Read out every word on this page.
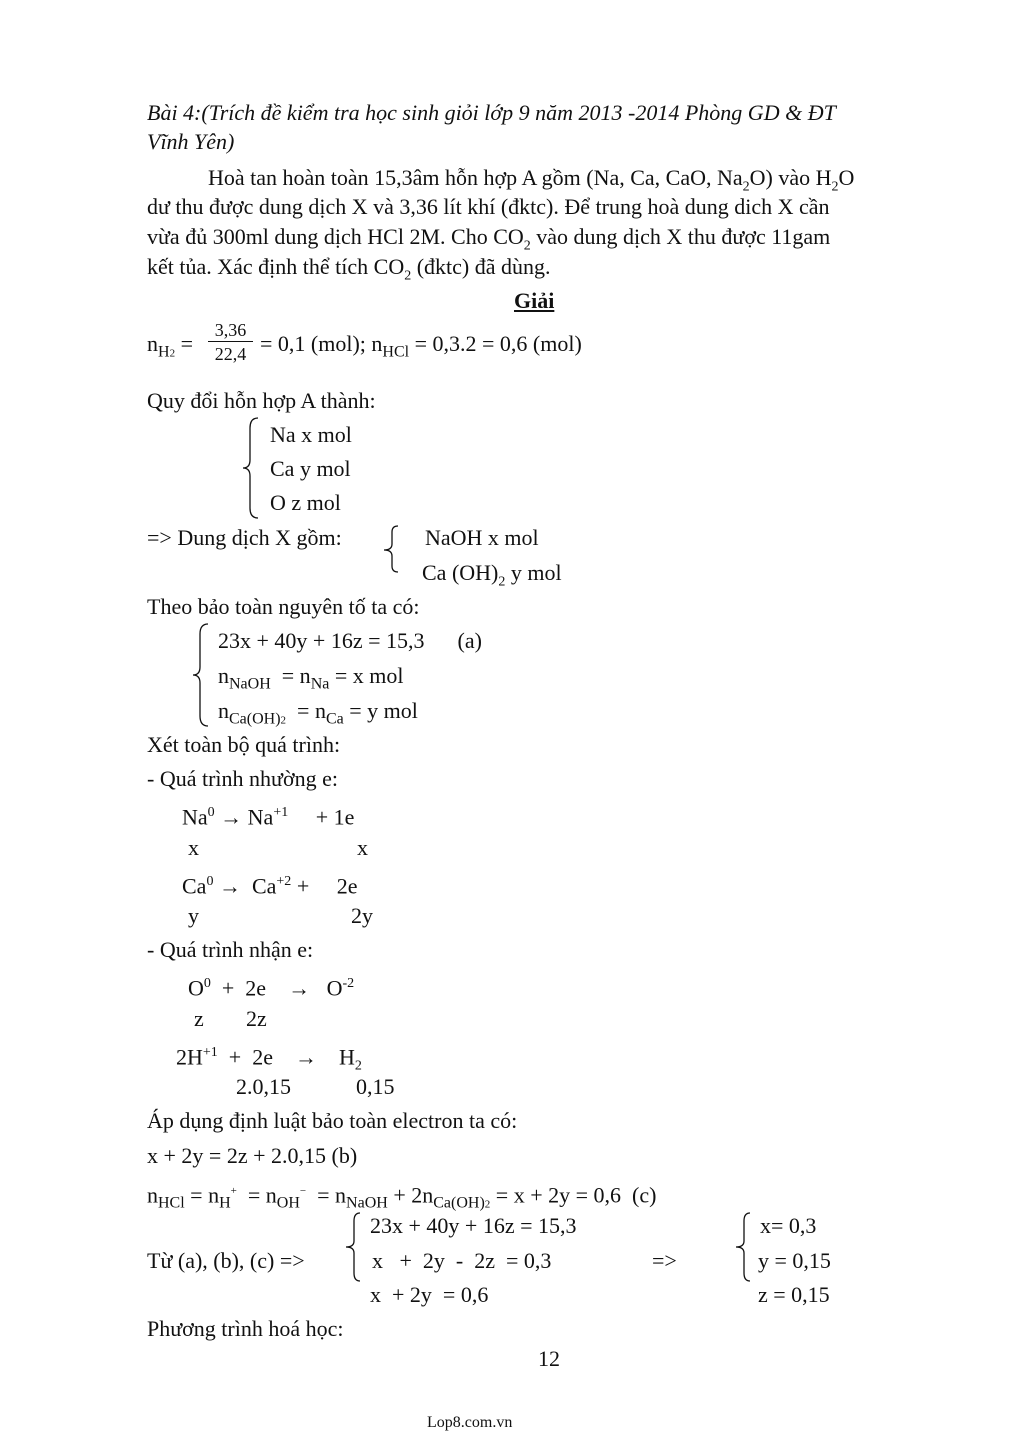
Bài 4:(Trích đề kiểm tra học sinh giỏi lớp 9 năm 2013 -2014 Phòng GD & ĐT
Vĩnh Yên)
Hoà tan hoàn toàn 15,3âm hỗn hợp A gồm (Na, Ca, CaO, $Na_2O$) vào $H_2O$
dư thu được dung dịch X và 3,36 lít khí (đktc). Để trung hoà dung dich X cần
vừa đủ 300ml dung dịch HCl 2M. Cho $CO_2$ vào dung dịch X thu được 11gam
kết tủa. Xác định thể tích $CO_2$ (đktc) đã dùng.
Giải
$n_{H2} = \frac{3,36}{22,4} = 0,1$ (mol); $n_{HCl} = 0,3.2 = 0,6$ (mol)
Quy đổi hỗn hợp A thành:
Na x mol
Ca y mol
O z mol
=> Dung dịch X gồm:	NaOH x mol
Ca $(OH)_2$ y mol
Theo bảo toàn nguyên tố ta có:
23x + 40y + 16z = 15,3      (a)
$n_{NaOH} = n_{Na} = x$ mol
$n_{Ca(OH)2} = n_{Ca} = y$ mol
Xét toàn bộ quá trình:
- Quá trình nhường e:
$Na^0 \to Na^{+1}$     + 1e
x	x
$Ca^0 \to Ca^{+2}$ +     2e
y	2y
- Quá trình nhận e:
$O^0 + 2e$    →   $O^{-2}$
z 2z
$2H^{+1} + 2e$    →    $H_2$
2.0,15	0,15
Áp dụng định luật bảo toàn electron ta có:
x + 2y = 2z + 2.0,15 (b)
$n_{HCl} = n_H^+ = n_{OH}^- = n_{NaOH} + 2n_{Ca(OH)2} = x + 2y = 0,6$  (c)
23x + 40y + 16z = 15,3
Từ (a), (b), (c) =>	x   +  2y  -  2z  = 0,3
x  + 2y  = 0,6
=>
x= 0,3
y = 0,15
z = 0,15
Phương trình hoá học:
12
Lop8.com.vn
